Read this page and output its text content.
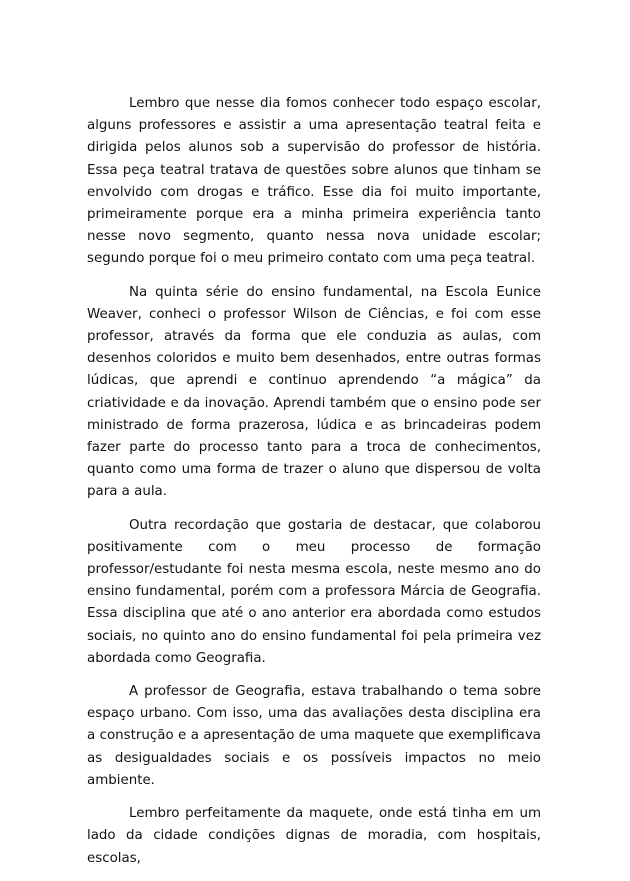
Lembro que nesse dia fomos conhecer todo espaço escolar, alguns professores e assistir a uma apresentação teatral feita e dirigida pelos alunos sob a supervisão do professor de história. Essa peça teatral tratava de questões sobre alunos que tinham se envolvido com drogas e tráfico. Esse dia foi muito importante, primeiramente porque era a minha primeira experiência tanto nesse novo segmento, quanto nessa nova unidade escolar; segundo porque foi o meu primeiro contato com uma peça teatral.

Na quinta série do ensino fundamental, na Escola Eunice Weaver, conheci o professor Wilson de Ciências, e foi com esse professor, através da forma que ele conduzia as aulas, com desenhos coloridos e muito bem desenhados, entre outras formas lúdicas, que aprendi e continuo aprendendo “a mágica” da criatividade e da inovação. Aprendi também que o ensino pode ser ministrado de forma prazerosa, lúdica e as brincadeiras podem fazer parte do processo tanto para a troca de conhecimentos, quanto como uma forma de trazer o aluno que dispersou de volta para a aula.

Outra recordação que gostaria de destacar, que colaborou positivamente com o meu processo de formação professor/estudante foi nesta mesma escola, neste mesmo ano do ensino fundamental, porém com a professora Márcia de Geografia. Essa disciplina que até o ano anterior era abordada como estudos sociais, no quinto ano do ensino fundamental foi pela primeira vez abordada como Geografia.

A professor de Geografia, estava trabalhando o tema sobre espaço urbano. Com isso, uma das avaliações desta disciplina era a construção e a apresentação de uma maquete que exemplificava as desigualdades sociais e os possíveis impactos no meio ambiente.

Lembro perfeitamente da maquete, onde está tinha em um lado da cidade condições dignas de moradia, com hospitais, escolas,
